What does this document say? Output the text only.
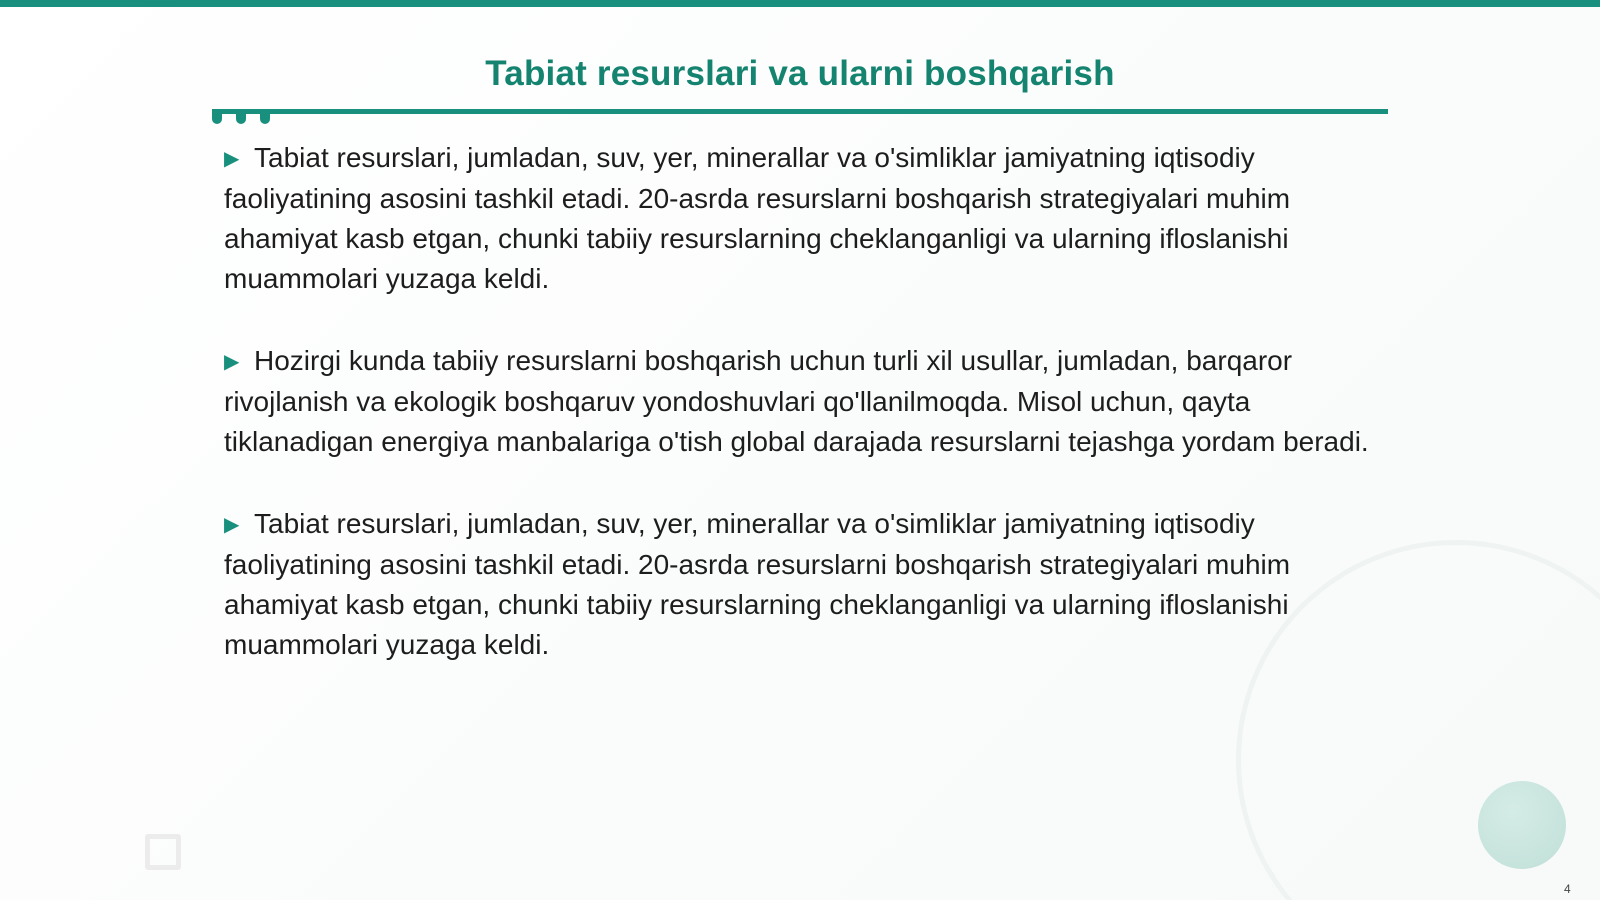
Tabiat resurslari va ularni boshqarish
▶ Tabiat resurslari, jumladan, suv, yer, minerallar va o'simliklar jamiyatning iqtisodiy faoliyatining asosini tashkil etadi. 20-asrda resurslarni boshqarish strategiyalari muhim ahamiyat kasb etgan, chunki tabiiy resurslarning cheklanganligi va ularning ifloslanishi muammolari yuzaga keldi.
▶ Hozirgi kunda tabiiy resurslarni boshqarish uchun turli xil usullar, jumladan, barqaror rivojlanish va ekologik boshqaruv yondoshuvlari qo'llanilmoqda. Misol uchun, qayta tiklanadigan energiya manbalariga o'tish global darajada resurslarni tejashga yordam beradi.
▶ Tabiat resurslari, jumladan, suv, yer, minerallar va o'simliklar jamiyatning iqtisodiy faoliyatining asosini tashkil etadi. 20-asrda resurslarni boshqarish strategiyalari muhim ahamiyat kasb etgan, chunki tabiiy resurslarning cheklanganligi va ularning ifloslanishi muammolari yuzaga keldi.
4
